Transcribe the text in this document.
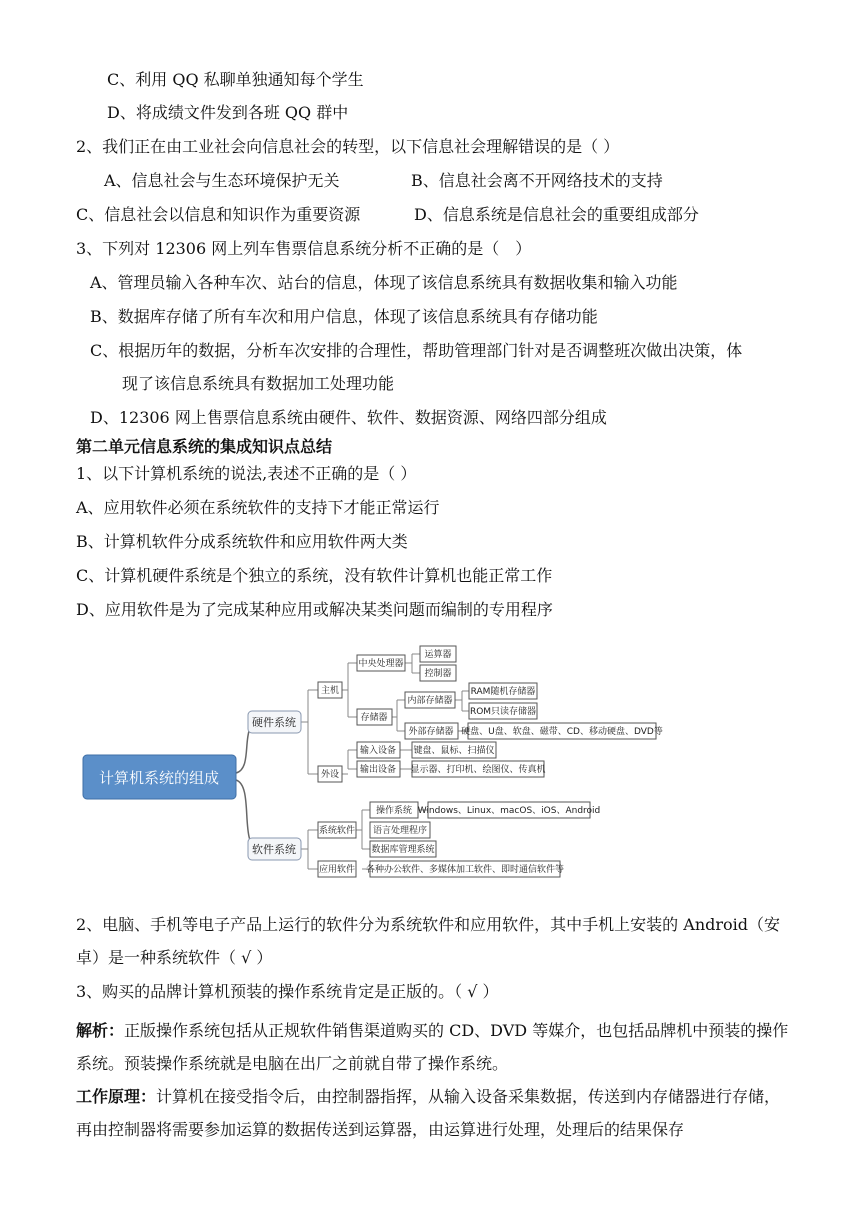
C、利用 QQ 私聊单独通知每个学生
D、将成绩文件发到各班 QQ 群中
2、我们正在由工业社会向信息社会的转型，以下信息社会理解错误的是（ ）
A、信息社会与生态环境保护无关	B、信息社会离不开网络技术的支持
C、信息社会以信息和知识作为重要资源	D、信息系统是信息社会的重要组成部分
3、下列对 12306 网上列车售票信息系统分析不正确的是（　）
A、管理员输入各种车次、站台的信息，体现了该信息系统具有数据收集和输入功能
B、数据库存储了所有车次和用户信息，体现了该信息系统具有存储功能
C、根据历年的数据，分析车次安排的合理性，帮助管理部门针对是否调整班次做出决策，体
现了该信息系统具有数据加工处理功能
D、12306 网上售票信息系统由硬件、软件、数据资源、网络四部分组成
第二单元信息系统的集成知识点总结
1、以下计算机系统的说法,表述不正确的是（ ）
A、应用软件必须在系统软件的支持下才能正常运行
B、计算机软件分成系统软件和应用软件两大类
C、计算机硬件系统是个独立的系统，没有软件计算机也能正常工作
D、应用软件是为了完成某种应用或解决某类问题而编制的专用程序
计算机系统的组成
硬件系统
软件系统
主机
外设
中央处理器
运算器
控制器
存储器
内部存储器
RAM随机存储器
ROM只读存储器
外部存储器 硬盘、U盘、软盘、磁带、CD、移动硬盘、DVD等
输入设备 键盘、鼠标、扫描仪
输出设备 显示器、打印机、绘图仪、传真机
系统软件
操作系统 Windows、Linux、macOS、iOS、Android
语言处理程序
数据库管理系统
应用软件 各种办公软件、多媒体加工软件、即时通信软件等
2、电脑、手机等电子产品上运行的软件分为系统软件和应用软件，其中手机上安装的 Android（安卓）是一种系统软件（ √ ）
3、购买的品牌计算机预装的操作系统肯定是正版的。（ √ ）
解析：正版操作系统包括从正规软件销售渠道购买的 CD、DVD 等媒介，也包括品牌机中预装的操作系统。预装操作系统就是电脑在出厂之前就自带了操作系统。
工作原理：计算机在接受指令后，由控制器指挥，从输入设备采集数据，传送到内存储器进行存储，再由控制器将需要参加运算的数据传送到运算器，由运算进行处理，处理后的结果保存
